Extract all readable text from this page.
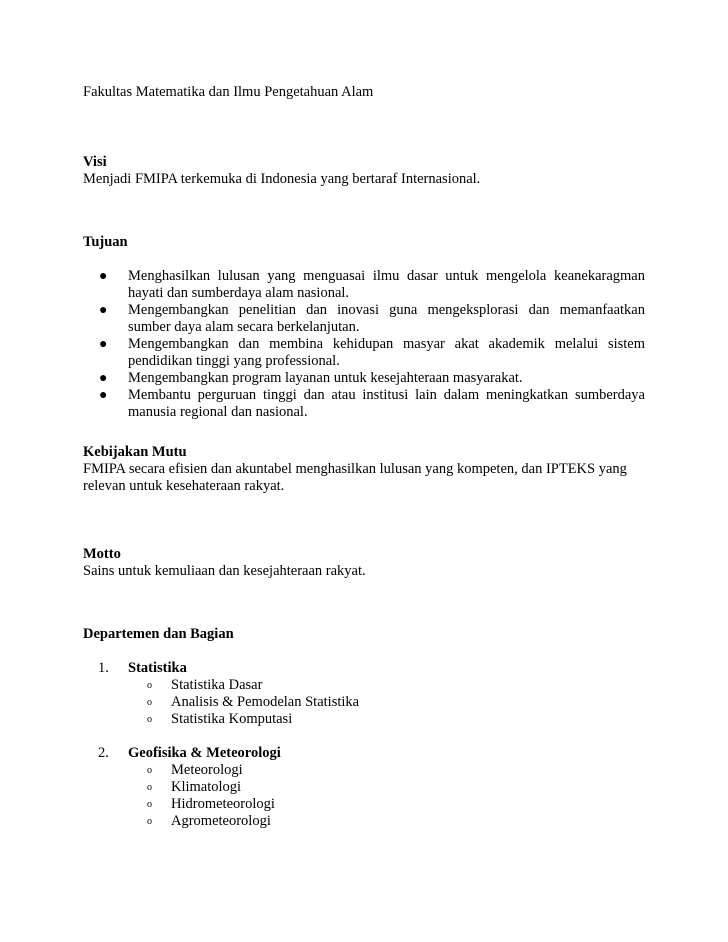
Fakultas Matematika dan Ilmu Pengetahuan Alam

Visi

Menjadi FMIPA terkemuka di Indonesia yang bertaraf Internasional.

Tujuan

● Menghasilkan lulusan yang menguasai ilmu dasar untuk mengelola keanekaragman hayati dan sumberdaya alam nasional.
● Mengembangkan penelitian dan inovasi guna mengeksplorasi dan memanfaatkan sumber daya alam secara berkelanjutan.
● Mengembangkan dan membina kehidupan masyar akat akademik melalui sistem pendidikan tinggi yang professional.
● Mengembangkan program layanan untuk kesejahteraan masyarakat.
● Membantu perguruan tinggi dan atau institusi lain dalam meningkatkan sumberdaya manusia regional dan nasional.

Kebijakan Mutu

FMIPA secara efisien dan akuntabel menghasilkan lulusan yang kompeten, dan IPTEKS yang relevan untuk kesehateraan rakyat.

Motto

Sains untuk kemuliaan dan kesejahteraan rakyat.

Departemen dan Bagian

1. Statistika
o Statistika Dasar
o Analisis & Pemodelan Statistika
o Statistika Komputasi
2. Geofisika & Meteorologi
o Meteorologi
o Klimatologi
o Hidrometeorologi
o Agrometeorologi
